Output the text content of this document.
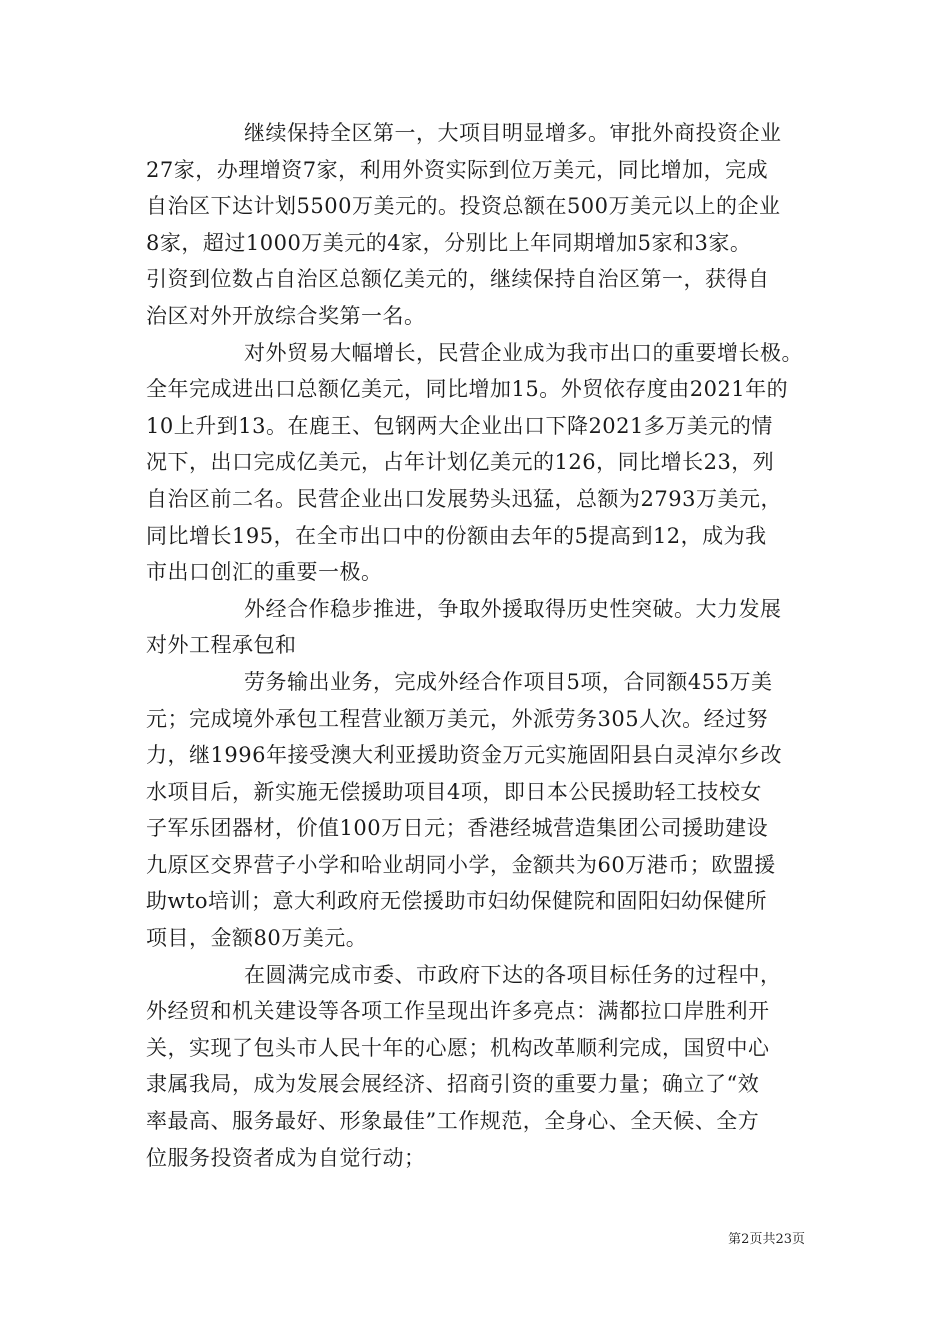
继续保持全区第一，大项目明显增多。审批外商投资企业
27家，办理增资7家，利用外资实际到位万美元，同比增加，完成
自治区下达计划5500万美元的。投资总额在500万美元以上的企业
8家，超过1000万美元的4家，分别比上年同期增加5家和3家。
引资到位数占自治区总额亿美元的，继续保持自治区第一，获得自
治区对外开放综合奖第一名。
对外贸易大幅增长，民营企业成为我市出口的重要增长极。
全年完成进出口总额亿美元，同比增加15。外贸依存度由2021年的
10上升到13。在鹿王、包钢两大企业出口下降2021多万美元的情
况下，出口完成亿美元，占年计划亿美元的126，同比增长23，列
自治区前二名。民营企业出口发展势头迅猛，总额为2793万美元，
同比增长195，在全市出口中的份额由去年的5提高到12，成为我
市出口创汇的重要一极。
外经合作稳步推进，争取外援取得历史性突破。大力发展
对外工程承包和
劳务输出业务，完成外经合作项目5项，合同额455万美
元；完成境外承包工程营业额万美元，外派劳务305人次。经过努
力，继1996年接受澳大利亚援助资金万元实施固阳县白灵淖尔乡改
水项目后，新实施无偿援助项目4项，即日本公民援助轻工技校女
子军乐团器材，价值100万日元；香港经城营造集团公司援助建设
九原区交界营子小学和哈业胡同小学，金额共为60万港币；欧盟援
助wto培训；意大利政府无偿援助市妇幼保健院和固阳妇幼保健所
项目，金额80万美元。
在圆满完成市委、市政府下达的各项目标任务的过程中，
外经贸和机关建设等各项工作呈现出许多亮点：满都拉口岸胜利开
关，实现了包头市人民十年的心愿；机构改革顺利完成，国贸中心
隶属我局，成为发展会展经济、招商引资的重要力量；确立了“效
率最高、服务最好、形象最佳”工作规范，全身心、全天候、全方
位服务投资者成为自觉行动；
第2页共23页
